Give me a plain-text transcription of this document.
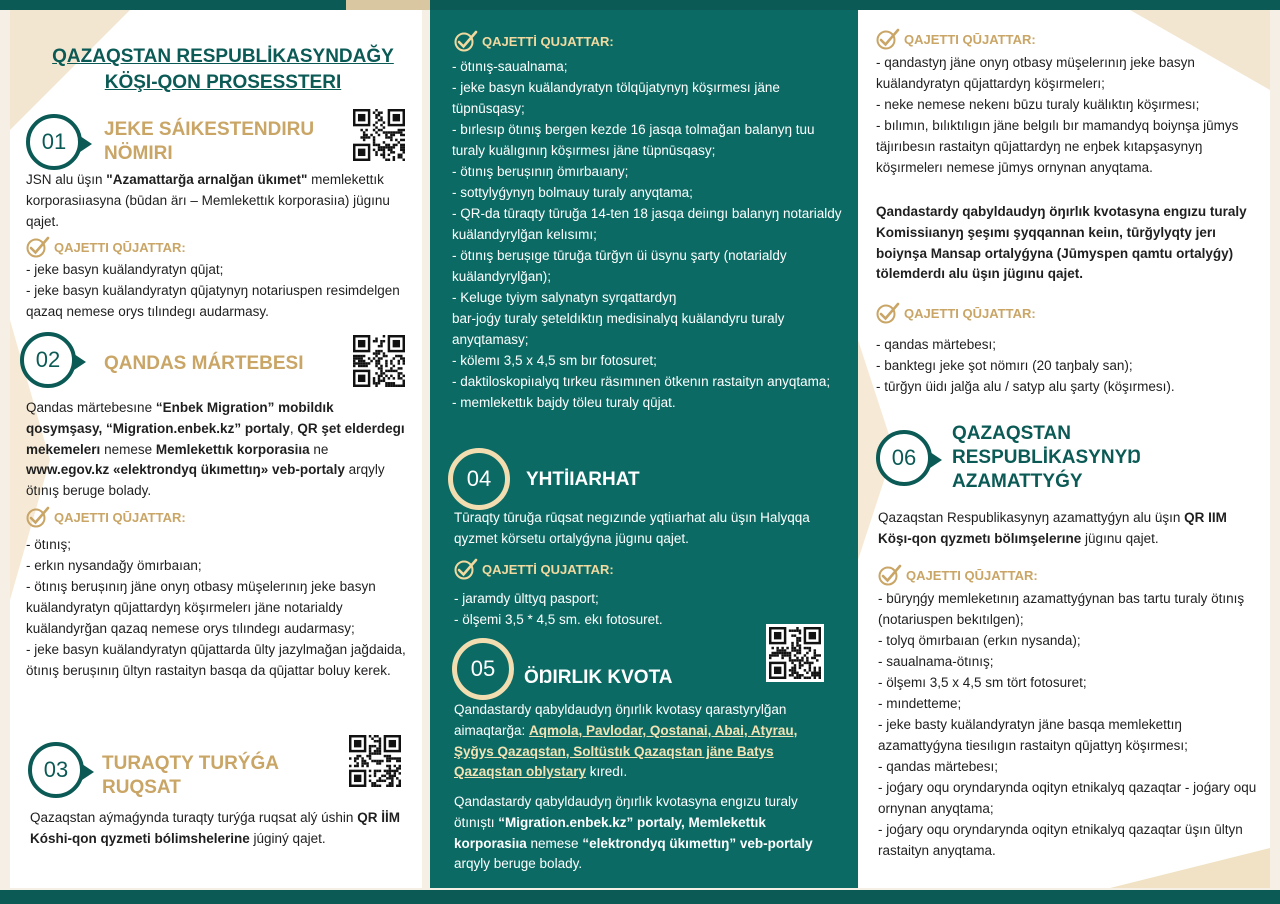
QAZAQSTAN RESPUBLİKASYNDAĞY KÖŞI-QON PROSESSTERI
01 JEKE SÁIKESTENDIRU NÖMIRI
JSN alu üşın "Azamattarğa arnalğan ükımet" memlekettık korporasiıasyna (būdan ärı – Memlekettık korporasiıa) jügınu qajet.
QAJETTI QŪJATTAR:
- jeke basyn kuälandyratyn qūjat;
- jeke basyn kuälandyratyn qūjatynyŋ notariuspen resimdelgen qazaq nemese orys tılındegı audarmasy.
02 QANDAS MÁRTEBESI
Qandas märtebesıne “Enbek Migration” mobildık qosymşasy, “Migration.enbek.kz” portaly, QR şet elderdegı mekemelerı nemese Memlekettık korporasiıa ne www.egov.kz «elektrondyq ükımettıŋ» veb-portaly arqyly ötınış beruge bolady.
QAJETTI QŪJATTAR:
- ötınış;
- erkın nysandağy ömırbaıan;
- ötınış berușınıŋ jäne onyŋ otbasy müşelerınıŋ jeke basyn kuälandyratyn qūjattardyŋ köşırmelerı jäne notarialdy kuälandyrğan qazaq nemese orys tılındegı audarmasy;
- jeke basyn kuälandyratyn qūjattarda ūlty jazylmağan jağdaida, ötınış berușınıŋ ūltyn rastaityn basqa da qūjattar boluy kerek.
03 TURAQTY TURÝǴA RUQSAT
Qazaqstan aýmaǵynda turaqty turýǵa ruqsat alý úshin QR İİM Kóshi-qon qyzmeti bólimshelerine júginý qajet.
QAJETTİ QUJATTAR:
- ötınış-saualnama;
- jeke basyn kuälandyratyn tölqūjatynyŋ köşırmesı jäne tüpnūsqasy;
- bırlesıp ötınış bergen kezde 16 jasqa tolmağan balanyŋ tuu turaly kuälıgınıŋ köşırmesı jäne tüpnūsqasy;
- ötınış berușınıŋ ömırbaıany;
- sottylyǵynyŋ bolmauy turaly anyqtama;
- QR-da tūraqty tūruğa 14-ten 18 jasqa deiıngı balanyŋ notarialdy kuälandyrylğan kelısımı;
- ötınış berușıge tūruğa tūrğyn üi üsynu şarty (notarialdy kuälandyrylğan);
- Keluge tyiym salynatyn syrqattardyŋ
bar-joǵy turaly şeteldıktıŋ medisinalyq kuälandyru turaly anyqtamasy;
- kölemı 3,5 x 4,5 sm bır fotosuret;
- daktiloskopiıalyq tırkeu räsımınen ötkenın rastaityn anyqtama;
- memlekettık bajdy töleu turaly qūjat.
04 YHTİIARHAT
Tūraqty tūruğa rūqsat negızınde yqtiıarhat alu üşın Halyqqa qyzmet körsetu ortalyǵyna jügınu qajet.
QAJETTİ QUJATTAR:
- jaramdy ūlttyq pasport;
- ölşemi 3,5 * 4,5 sm. ekı fotosuret.
05 ÖŊIRLIK KVOTA
Qandastardy qabyldaudyŋ öŋırlık kvotasy qarastyrylğan aimaqtarğa: Aqmola, Pavlodar, Qostanai, Abai, Atyrau, Şyğys Qazaqstan, Soltüstık Qazaqstan jäne Batys Qazaqstan oblystary kıredı.
Qandastardy qabyldaudyŋ öŋırlık kvotasyna engızu turaly ötınıștı “Migration.enbek.kz” portaly, Memlekettık korporasiıa nemese “elektrondyq ükımettıŋ” veb-portaly arqyly beruge bolady.
QAJETTI QŪJATTAR:
- qandastyŋ jäne onyŋ otbasy müşelerınıŋ jeke basyn kuälandyratyn qūjattardyŋ köşırmelerı;
- neke nemese nekenı būzu turaly kuälıktıŋ köşırmesı;
- bılımın, bılıktılıgın jäne belgılı bır mamandyq boiynşa jūmys täjırıbesın rastaityn qūjattardyŋ ne eŋbek kıtapşasynyŋ köşırmelerı nemese jūmys ornynan anyqtama.
Qandastardy qabyldaudyŋ öŋırlık kvotasyna engızu turaly Komissiıanyŋ şeşımı şyqqannan keiın, tūrğylyqty jerı boiynşa Mansap ortalyǵyna (Jūmyspen qamtu ortalyǵy) tölemderdı alu üşın jügınu qajet.
QAJETTI QŪJATTAR:
- qandas märtebesı;
- banktegı jeke şot nömırı (20 taŋbaly san);
- tūrğyn üidı jalğa alu / satyp alu şarty (köşırmesı).
06
QAZAQSTAN RESPUBLİKASYNYŊ AZAMATTYǴY
Qazaqstan Respublikasynyŋ azamattyǵyn alu üşın QR IIM Köşı-qon qyzmetı bölımşelerıne jügınu qajet.
QAJETTI QŪJATTAR:
- būryŋǵy memleketınıŋ azamattyǵynan bas tartu turaly ötınış (notariuspen bekıtılgen);
- tolyq ömırbaıan (erkın nysanda);
- saualnama-ötınış;
- ölşemı 3,5 x 4,5 sm tört fotosuret;
- mındetteme;
- jeke basty kuälandyratyn jäne basqa memlekettıŋ azamattyǵyna tiesılıgın rastaityn qūjattyŋ köşırmesı;
- qandas märtebesı;
- joǵary oqu oryndarynda oqityn etnikalyq qazaqtar - joǵary oqu ornynan anyqtama;
- joǵary oqu oryndarynda oqityn etnikalyq qazaqtar üşın ūltyn rastaityn anyqtama.
